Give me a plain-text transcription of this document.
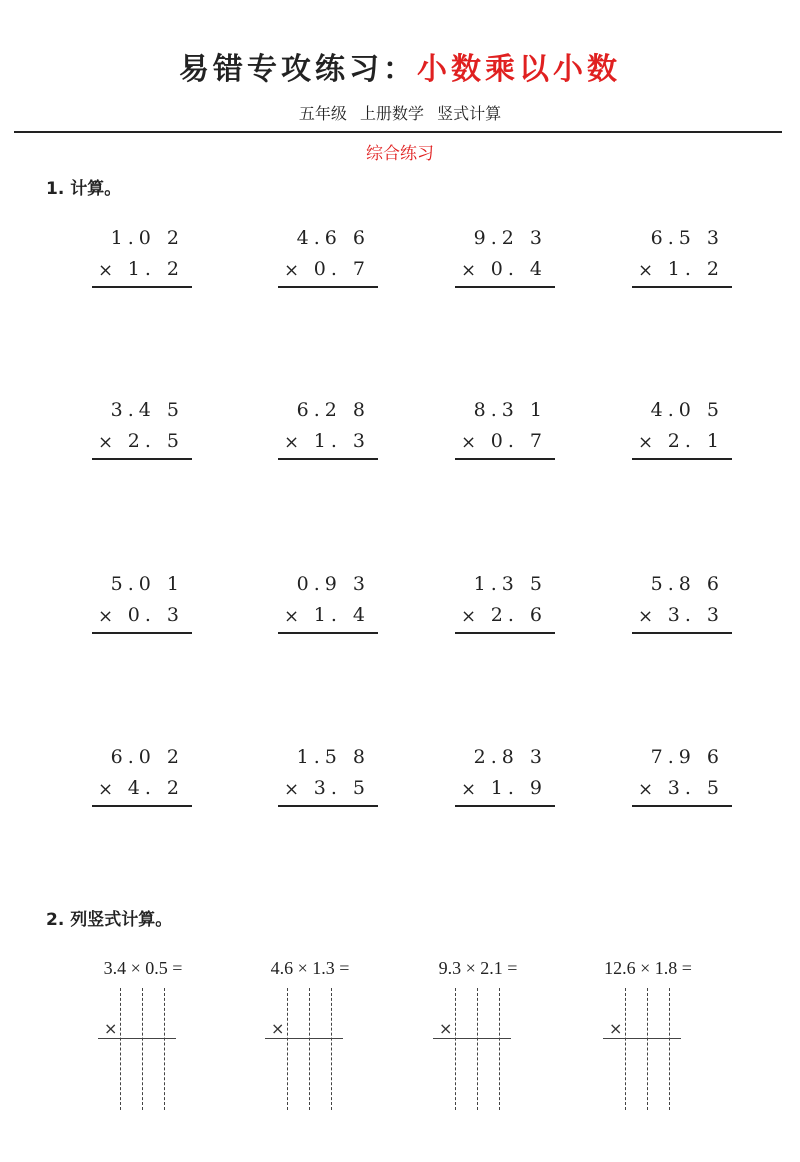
易错专攻练习：小数乘以小数
五年级 上册数学 竖式计算
综合练习
1. 计算。
1.0 2
× 1. 2
4.6 6
× 0. 7
9.2 3
× 0. 4
6.5 3
× 1. 2
3.4 5
× 2. 5
6.2 8
× 1. 3
8.3 1
× 0. 7
4.0 5
× 2. 1
5.0 1
× 0. 3
0.9 3
× 1. 4
1.3 5
× 2. 6
5.8 6
× 3. 3
6.0 2
× 4. 2
1.5 8
× 3. 5
2.8 3
× 1. 9
7.9 6
× 3. 5
2. 列竖式计算。
3.4 × 0.5 =
×
4.6 × 1.3 =
×
9.3 × 2.1 =
×
12.6 × 1.8 =
×
